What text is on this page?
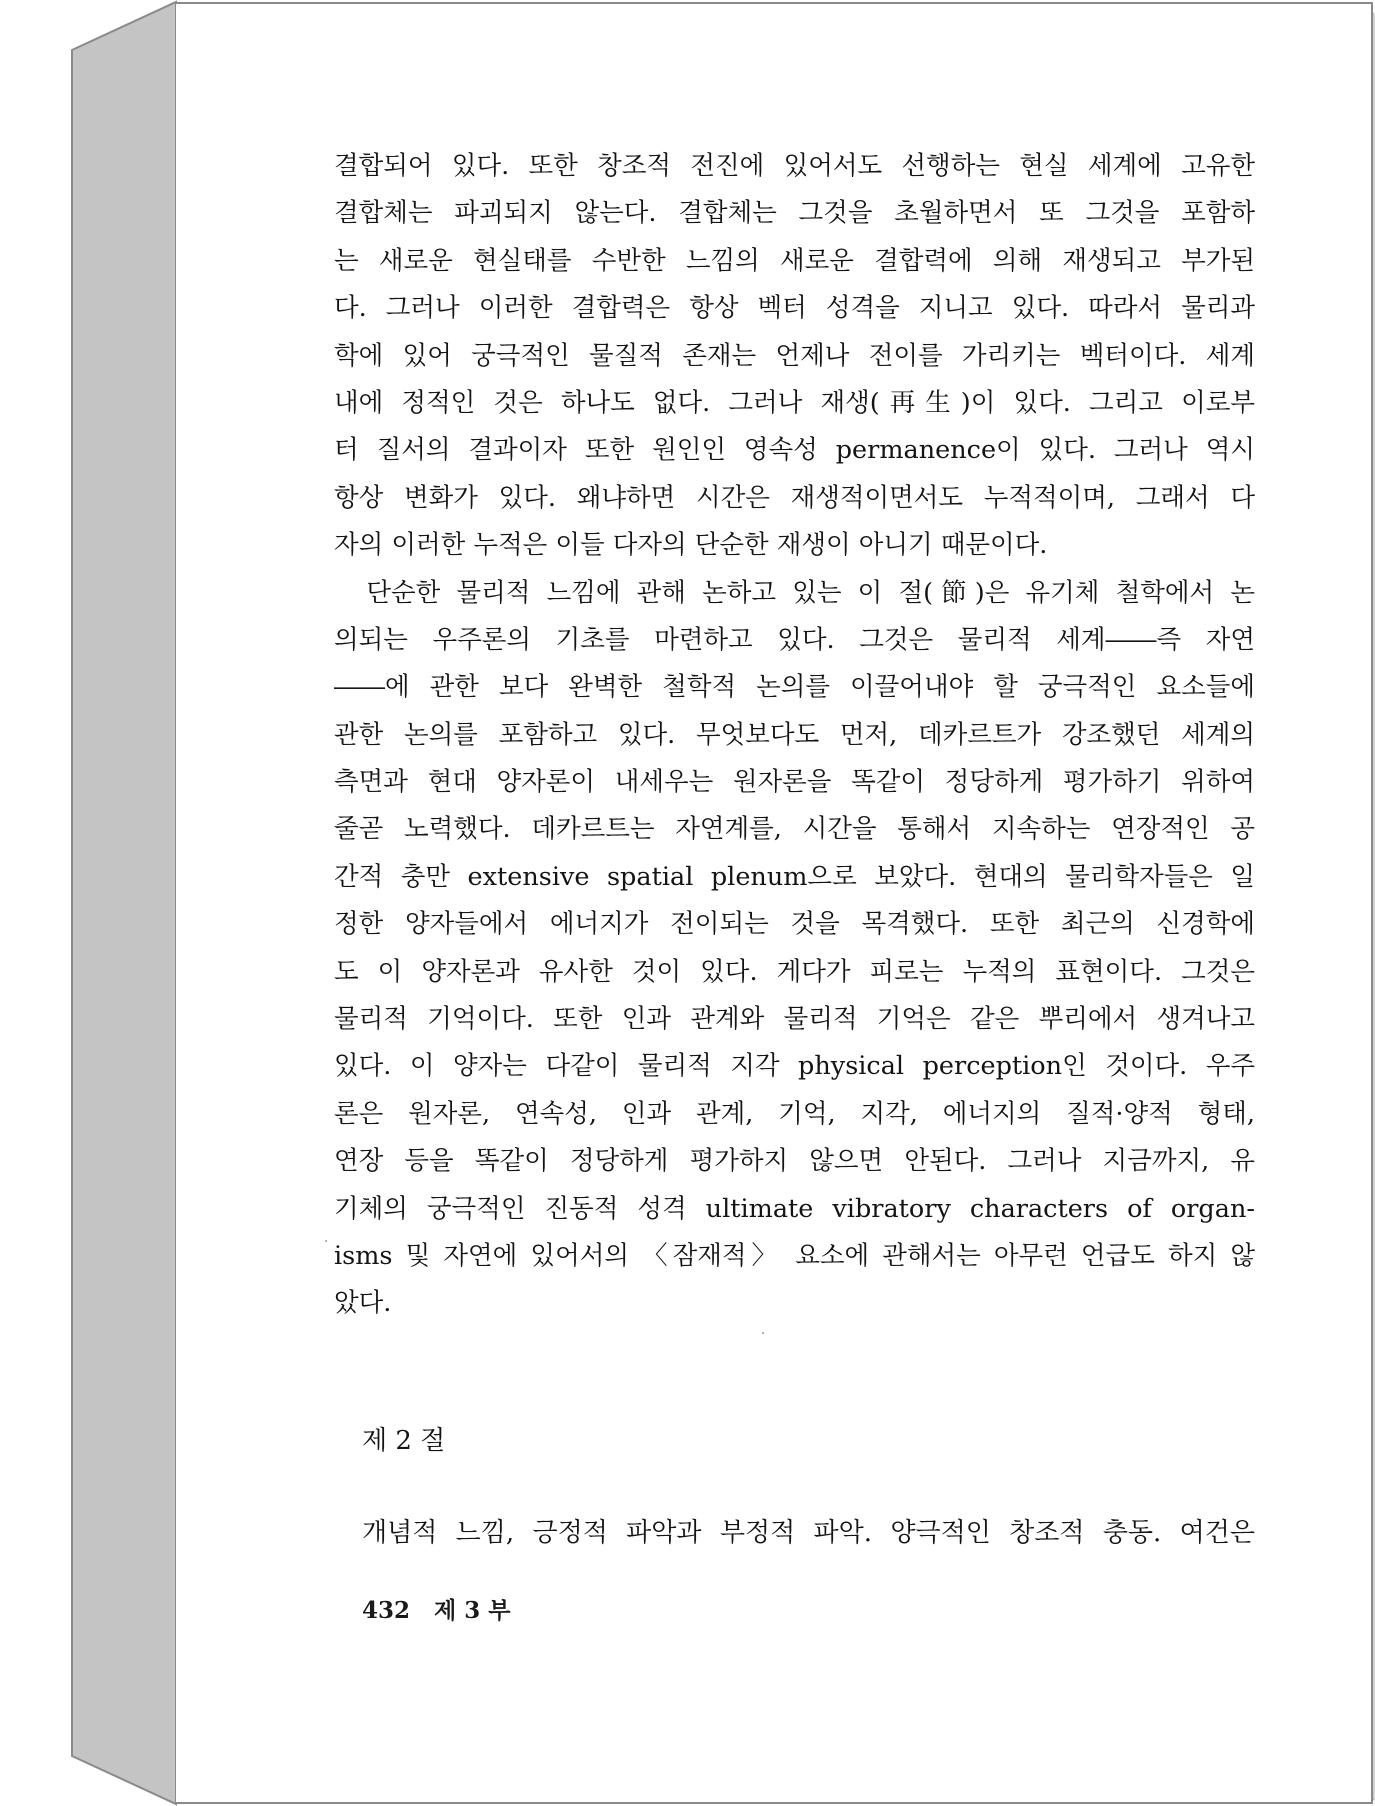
결합되어 있다. 또한 창조적 전진에 있어서도 선행하는 현실 세계에 고유한
결합체는 파괴되지 않는다. 결합체는 그것을 초월하면서 또 그것을 포함하
는 새로운 현실태를 수반한 느낌의 새로운 결합력에 의해 재생되고 부가된
다. 그러나 이러한 결합력은 항상 벡터 성격을 지니고 있다. 따라서 물리과
학에 있어 궁극적인 물질적 존재는 언제나 전이를 가리키는 벡터이다. 세계
내에 정적인 것은 하나도 없다. 그러나 재생(再生)이 있다. 그리고 이로부
터 질서의 결과이자 또한 원인인 영속성 permanence이 있다. 그러나 역시
항상 변화가 있다. 왜냐하면 시간은 재생적이면서도 누적적이며, 그래서 다
자의 이러한 누적은 이들 다자의 단순한 재생이 아니기 때문이다.
단순한 물리적 느낌에 관해 논하고 있는 이 절(節)은 유기체 철학에서 논
의되는 우주론의 기초를 마련하고 있다. 그것은 물리적 세계――즉 자연
――에 관한 보다 완벽한 철학적 논의를 이끌어내야 할 궁극적인 요소들에
관한 논의를 포함하고 있다. 무엇보다도 먼저, 데카르트가 강조했던 세계의
측면과 현대 양자론이 내세우는 원자론을 똑같이 정당하게 평가하기 위하여
줄곧 노력했다. 데카르트는 자연계를, 시간을 통해서 지속하는 연장적인 공
간적 충만 extensive spatial plenum으로 보았다. 현대의 물리학자들은 일
정한 양자들에서 에너지가 전이되는 것을 목격했다. 또한 최근의 신경학에
도 이 양자론과 유사한 것이 있다. 게다가 피로는 누적의 표현이다. 그것은
물리적 기억이다. 또한 인과 관계와 물리적 기억은 같은 뿌리에서 생겨나고
있다. 이 양자는 다같이 물리적 지각 physical perception인 것이다. 우주
론은 원자론, 연속성, 인과 관계, 기억, 지각, 에너지의 질적·양적 형태,
연장 등을 똑같이 정당하게 평가하지 않으면 안된다. 그러나 지금까지, 유
기체의 궁극적인 진동적 성격 ultimate vibratory characters of organ-
isms 및 자연에 있어서의 〈잠재적〉 요소에 관해서는 아무런 언급도 하지 않
았다.
제 2 절
개념적 느낌, 긍정적 파악과 부정적 파악. 양극적인 창조적 충동. 여건은
432 제 3 부
